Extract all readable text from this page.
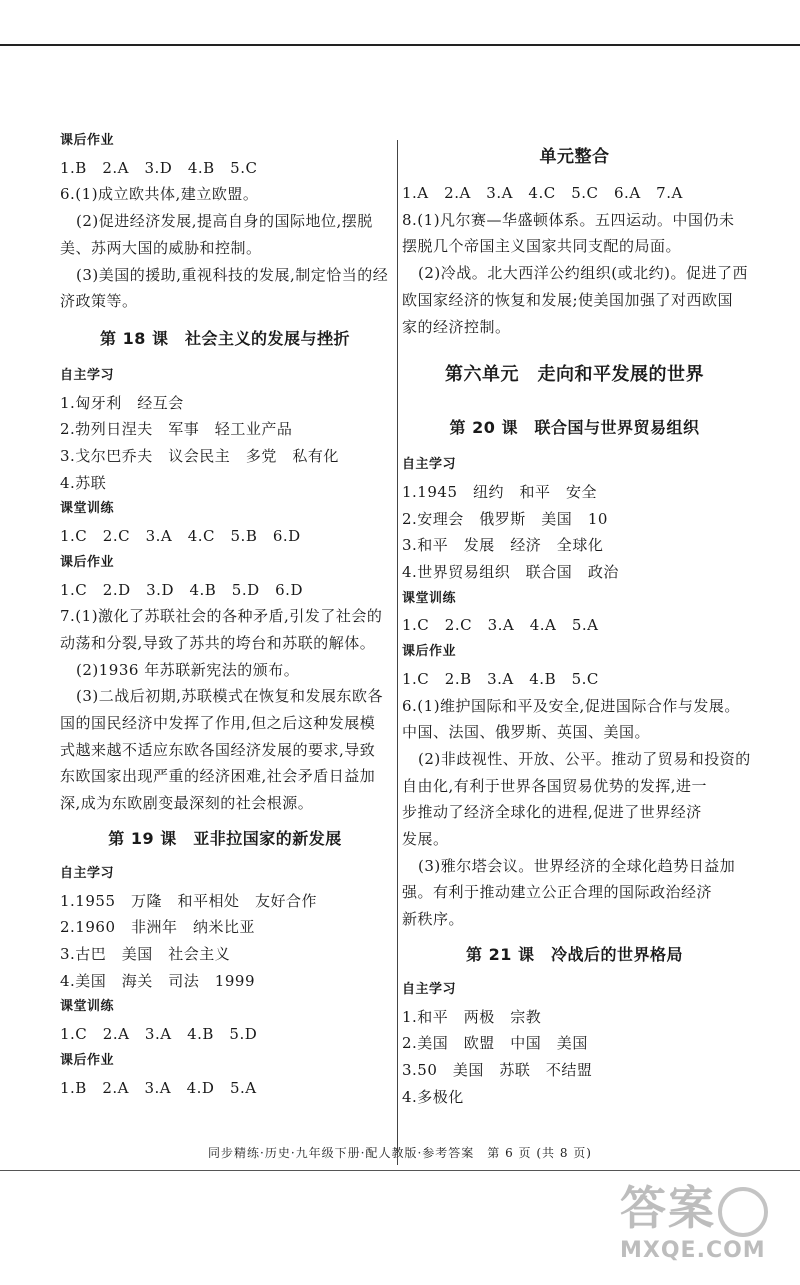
课后作业
1.B　2.A　3.D　4.B　5.C
6.(1)成立欧共体,建立欧盟。
(2)促进经济发展,提高自身的国际地位,摆脱
美、苏两大国的威胁和控制。
(3)美国的援助,重视科技的发展,制定恰当的经
济政策等。
第 18 课　社会主义的发展与挫折
自主学习
1.匈牙利　经互会
2.勃列日涅夫　军事　轻工业产品
3.戈尔巴乔夫　议会民主　多党　私有化
4.苏联
课堂训练
1.C　2.C　3.A　4.C　5.B　6.D
课后作业
1.C　2.D　3.D　4.B　5.D　6.D
7.(1)激化了苏联社会的各种矛盾,引发了社会的
动荡和分裂,导致了苏共的垮台和苏联的解体。
(2)1936 年苏联新宪法的颁布。
(3)二战后初期,苏联模式在恢复和发展东欧各
国的国民经济中发挥了作用,但之后这种发展模
式越来越不适应东欧各国经济发展的要求,导致
东欧国家出现严重的经济困难,社会矛盾日益加
深,成为东欧剧变最深刻的社会根源。
第 19 课　亚非拉国家的新发展
自主学习
1.1955　万隆　和平相处　友好合作
2.1960　非洲年　纳米比亚
3.古巴　美国　社会主义
4.美国　海关　司法　1999
课堂训练
1.C　2.A　3.A　4.B　5.D
课后作业
1.B　2.A　3.A　4.D　5.A
单元整合
1.A　2.A　3.A　4.C　5.C　6.A　7.A
8.(1)凡尔赛—华盛顿体系。五四运动。中国仍未
摆脱几个帝国主义国家共同支配的局面。
(2)冷战。北大西洋公约组织(或北约)。促进了西
欧国家经济的恢复和发展;使美国加强了对西欧国
家的经济控制。
第六单元　走向和平发展的世界
第 20 课　联合国与世界贸易组织
自主学习
1.1945　纽约　和平　安全
2.安理会　俄罗斯　美国　10
3.和平　发展　经济　全球化
4.世界贸易组织　联合国　政治
课堂训练
1.C　2.C　3.A　4.A　5.A
课后作业
1.C　2.B　3.A　4.B　5.C
6.(1)维护国际和平及安全,促进国际合作与发展。
中国、法国、俄罗斯、英国、美国。
(2)非歧视性、开放、公平。推动了贸易和投资的
自由化,有利于世界各国贸易优势的发挥,进一
步推动了经济全球化的进程,促进了世界经济
发展。
(3)雅尔塔会议。世界经济的全球化趋势日益加
强。有利于推动建立公正合理的国际政治经济
新秩序。
第 21 课　冷战后的世界格局
自主学习
1.和平　两极　宗教
2.美国　欧盟　中国　美国
3.50　美国　苏联　不结盟
4.多极化
同步精练·历史·九年级下册·配人教版·参考答案　第 6 页 (共 8 页)
答案
MXQE.COM
